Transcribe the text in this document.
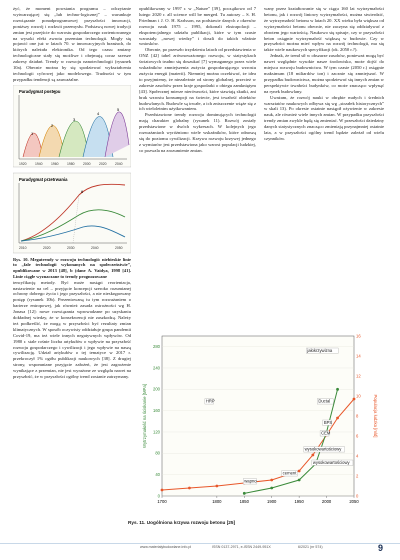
żyć, że moment powstania programu – odczytanie wytwarzającej się „lub techno-logicznej” – warunkuje rozwiązanie ponadprogramowej przyszłości innowacji, poniższy rozwój i rozkwit przemysłu. Podstawą nowej tradycji zmian jest przejście do wzrostu gospodarczego zorientowanego na wysoki efekt zwrotu przemian technologii. Mogły się pojawić one już w latach 70. w innowacyjnych branżach, do których należała elektronika. Od tego czasu zmiany technologiczne stały się możliwe i obejmują coraz szersze zakresy działań. Trendy w rozwoju nanotechnologii (rysunek 10a). Obecnie można by się spodziewać wykształcenia technologii cyfrowej jako modelowego. Trudności w tym przypadku tendencji są zauważalne.

Paradygmat postępu
1
2
3
4
5
1920 1940 1960 1980 2000 2020 2040
Paradygmat przetrwania
6
2010	2020	2030	2040	2050

Rys. 10. Megatrendy w rozwoju technologii: niebieskie linie to „fale technologii wykonanych na społeczeństwie”, opublikowane w 2013 [48], b (dane A. Vaidya, 1998 [41]. Linie ciągłe wyznaczane to trendy prognozowane

tencyfikację metody. Być może nastąpi reorientacja, nastawienie na cel – przyjęcie koncepcji szeroko rozumianej ochrony dobrego życia i jego przyszłości, a nie nieskrępowany postęp (rysunek 10b). Prezentowaną tu tym rozważaniem o barierze entropowej, jak również zasada ostrożności wg H. Jonasa [12]: nowe rozwiązania wprowadzane po uzyskaniu dokładnej wiedzy, że w konsekwencji nie zaszkodzą. Należy też podkreślić, że mogą w przyszłości być rezultaty zmian klimatycznych. W sposób oczywisty oddziałuje grupa pandemii Covid-19, ma też wiele innych negatywnych wpływów. Od 1980 r. stale rośnie liczba artykułów o wpływie na przyszłość rozwoju gospodarczego i cywilizacji i jego wpływie na naszą cywilizację. Udział artykułów o tej tematyce w 2017 r. przekroczył 1% ogółu publikacji naukowych [38]. Z drugiej strony, wspomniane przyjęcie założeń, że jest zagrożenie wynikające z przemian, nie jest wyrażone ze względu nawet na przyszłość, że w przyszłości ogólny trend zostanie zatrzymany.

opublikowany w 1997 r. w „Nature” [39], początkowo od 7 lutego 2020 r. all science will be merged. Tu autorzy – S. H. Friedman i J. O. H. Karlsson, na podstawie danych z okresów rozwoju nauk 1975 – 1995, dokonali ekstrapolacji – ekspotencjalnego udziału publikacji, które w tym czasie wzrastały. „nowej wiedzy” i doszli do takich właśnie wniosków.

Obecnie, po przeszło trzydziestu latach od przedstawienia w ONZ [42] tabel zrównoważonego rozwoju, w statystykach światowych trudno się doszukać [7] wymaganego przez wiele wskaźników zmniejszenia zużycia gospodarującego wzrostu zużycia energii (materii). Niemniej można oczekiwać, że idea to przyjmiemy, że niezależnie od strony globalnej, przecież w zakresie zasobów przez kraje gospodarki o obiegu zamkniętym [43]. Społecznej mierze nierówności, które stawiają skutki, ani brak wzrostu konsumpcji na świecie, jest trwałość obiektów budowlanych. Budowle są trwałe, a ich zniszczenie wiąże się z ich wieloletnim użytkowaniem.

Przedstawione trendy rozwoju dominujących technologii mają charakter globalny (rysunek 11). Rozwój zostały przedstawione w dwóch wykresach. W kolejnych jego rozważaniach wyróżniono wiele wskaźników, które odnoszą się do poziomu cywilizacji. Krzywa rozwoju krzywej jednego z wymiarów jest przedstawiona jako wzrost populacji ludzkiej, co pozwala na zrozumienie zmian.

wany przez kształtowanie się w ciągu 160 lat wytrzymałości betonu, jak i rozwój liniowy wytrzymałości, można stwierdzić, że wytrzymałość betonu w latach 20. XX wieku była większa od wytrzymałości betonu obecnie, nie zaczyna się oddziaływać z obrotem jego wartością. Naukowo się spisuje, czy w przyszłości beton osiągnie wytrzymałość większą w budowie. Czy w przyszłości można mieć wpływ na rozwój technologii, ma się także wiele naukowych specyfikacji (ok. 2050 r.?).

Jednak, że trend sił w obszarze zasobów, ponieważ mogą być nawet względnie wysokie nasze środowisko, może dojść do miejsca rozwoju budownictwa. W tym czasie (2050 r.) osiągnie maksimum (18 miliardów ton) i zacznie się zmniejszać. W przypadku budownictwa, można spodziewać się innych zmian w perspektywie trwałości budynków, co może znacząco wpłynąć na rynek budowlany.

Uważam, że rozwój nauki w obrębie małych i średnich warsztatów naukowych odbywa się wg „strzałek historycznych” w skali 13). Po okresie ostatnie nastąpił ożywienie w zakresie nauk, ale również wiele innych zmian. W przypadku przyszłości trendy zmian zwykle będą się zmieniać. W przeszłości dziedziny danych statystycznych znacząco zmieniają przynajmniej ostatnie lata, a w przyszłości ogólny trend będzie zależał od wielu czynników.

0
40
80
120
160
200
240
280
0
2
4
6
8
10
12
14
16
1700	1800	1850	1900	1950	2000	2050
Wytrzymałość na ściskanie [MPa]	Populacja ludzka [mld]
HRP
jałokrzywizna
Ductal
BPS
CEM
wysokowartościowy
cement
wapno
wysokowartościowy
Rys. 11. Uogólniona krzywa rozwoju betonu [25]
www.materialybudowlane.info.pl	ISSN 0137-2971, e-ISSN 2449-951X	6/2021 (nr 574)	9
